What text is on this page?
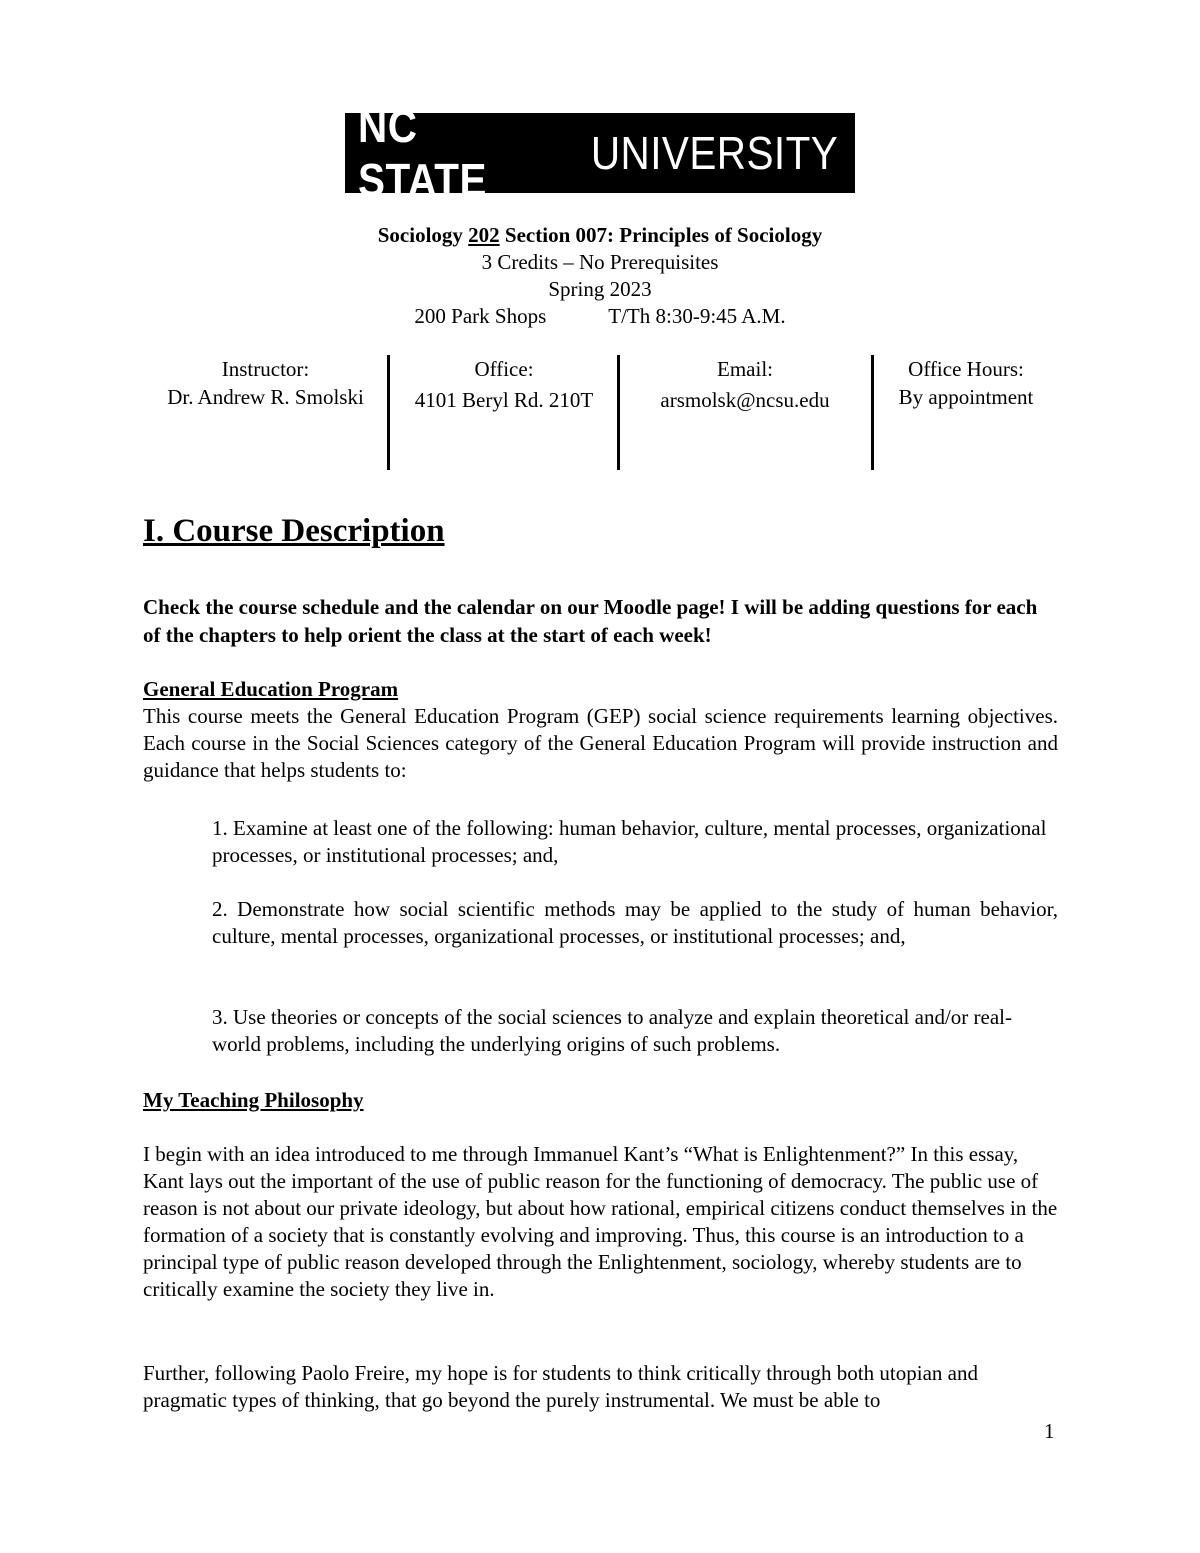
NC STATE
UNIVERSITY
Sociology 202 Section 007: Principles of Sociology
3 Credits – No Prerequisites
Spring 2023
200 Park Shops	T/Th 8:30-9:45 A.M.
Instructor:
Dr. Andrew R. Smolski
Office:
4101 Beryl Rd. 210T
Email:
arsmolsk@ncsu.edu
Office Hours:
By appointment
I. Course Description
Check the course schedule and the calendar on our Moodle page! I will be adding questions for each of the chapters to help orient the class at the start of each week!
General Education Program
This course meets the General Education Program (GEP) social science requirements learning objectives. Each course in the Social Sciences category of the General Education Program will provide instruction and guidance that helps students to:
1. Examine at least one of the following: human behavior, culture, mental processes, organizational processes, or institutional processes; and,
2. Demonstrate how social scientific methods may be applied to the study of human behavior, culture, mental processes, organizational processes, or institutional processes; and,
3. Use theories or concepts of the social sciences to analyze and explain theoretical and/or real-world problems, including the underlying origins of such problems.
My Teaching Philosophy
I begin with an idea introduced to me through Immanuel Kant’s “What is Enlightenment?” In this essay, Kant lays out the important of the use of public reason for the functioning of democracy. The public use of reason is not about our private ideology, but about how rational, empirical citizens conduct themselves in the formation of a society that is constantly evolving and improving. Thus, this course is an introduction to a principal type of public reason developed through the Enlightenment, sociology, whereby students are to critically examine the society they live in.
Further, following Paolo Freire, my hope is for students to think critically through both utopian and pragmatic types of thinking, that go beyond the purely instrumental. We must be able to
1
